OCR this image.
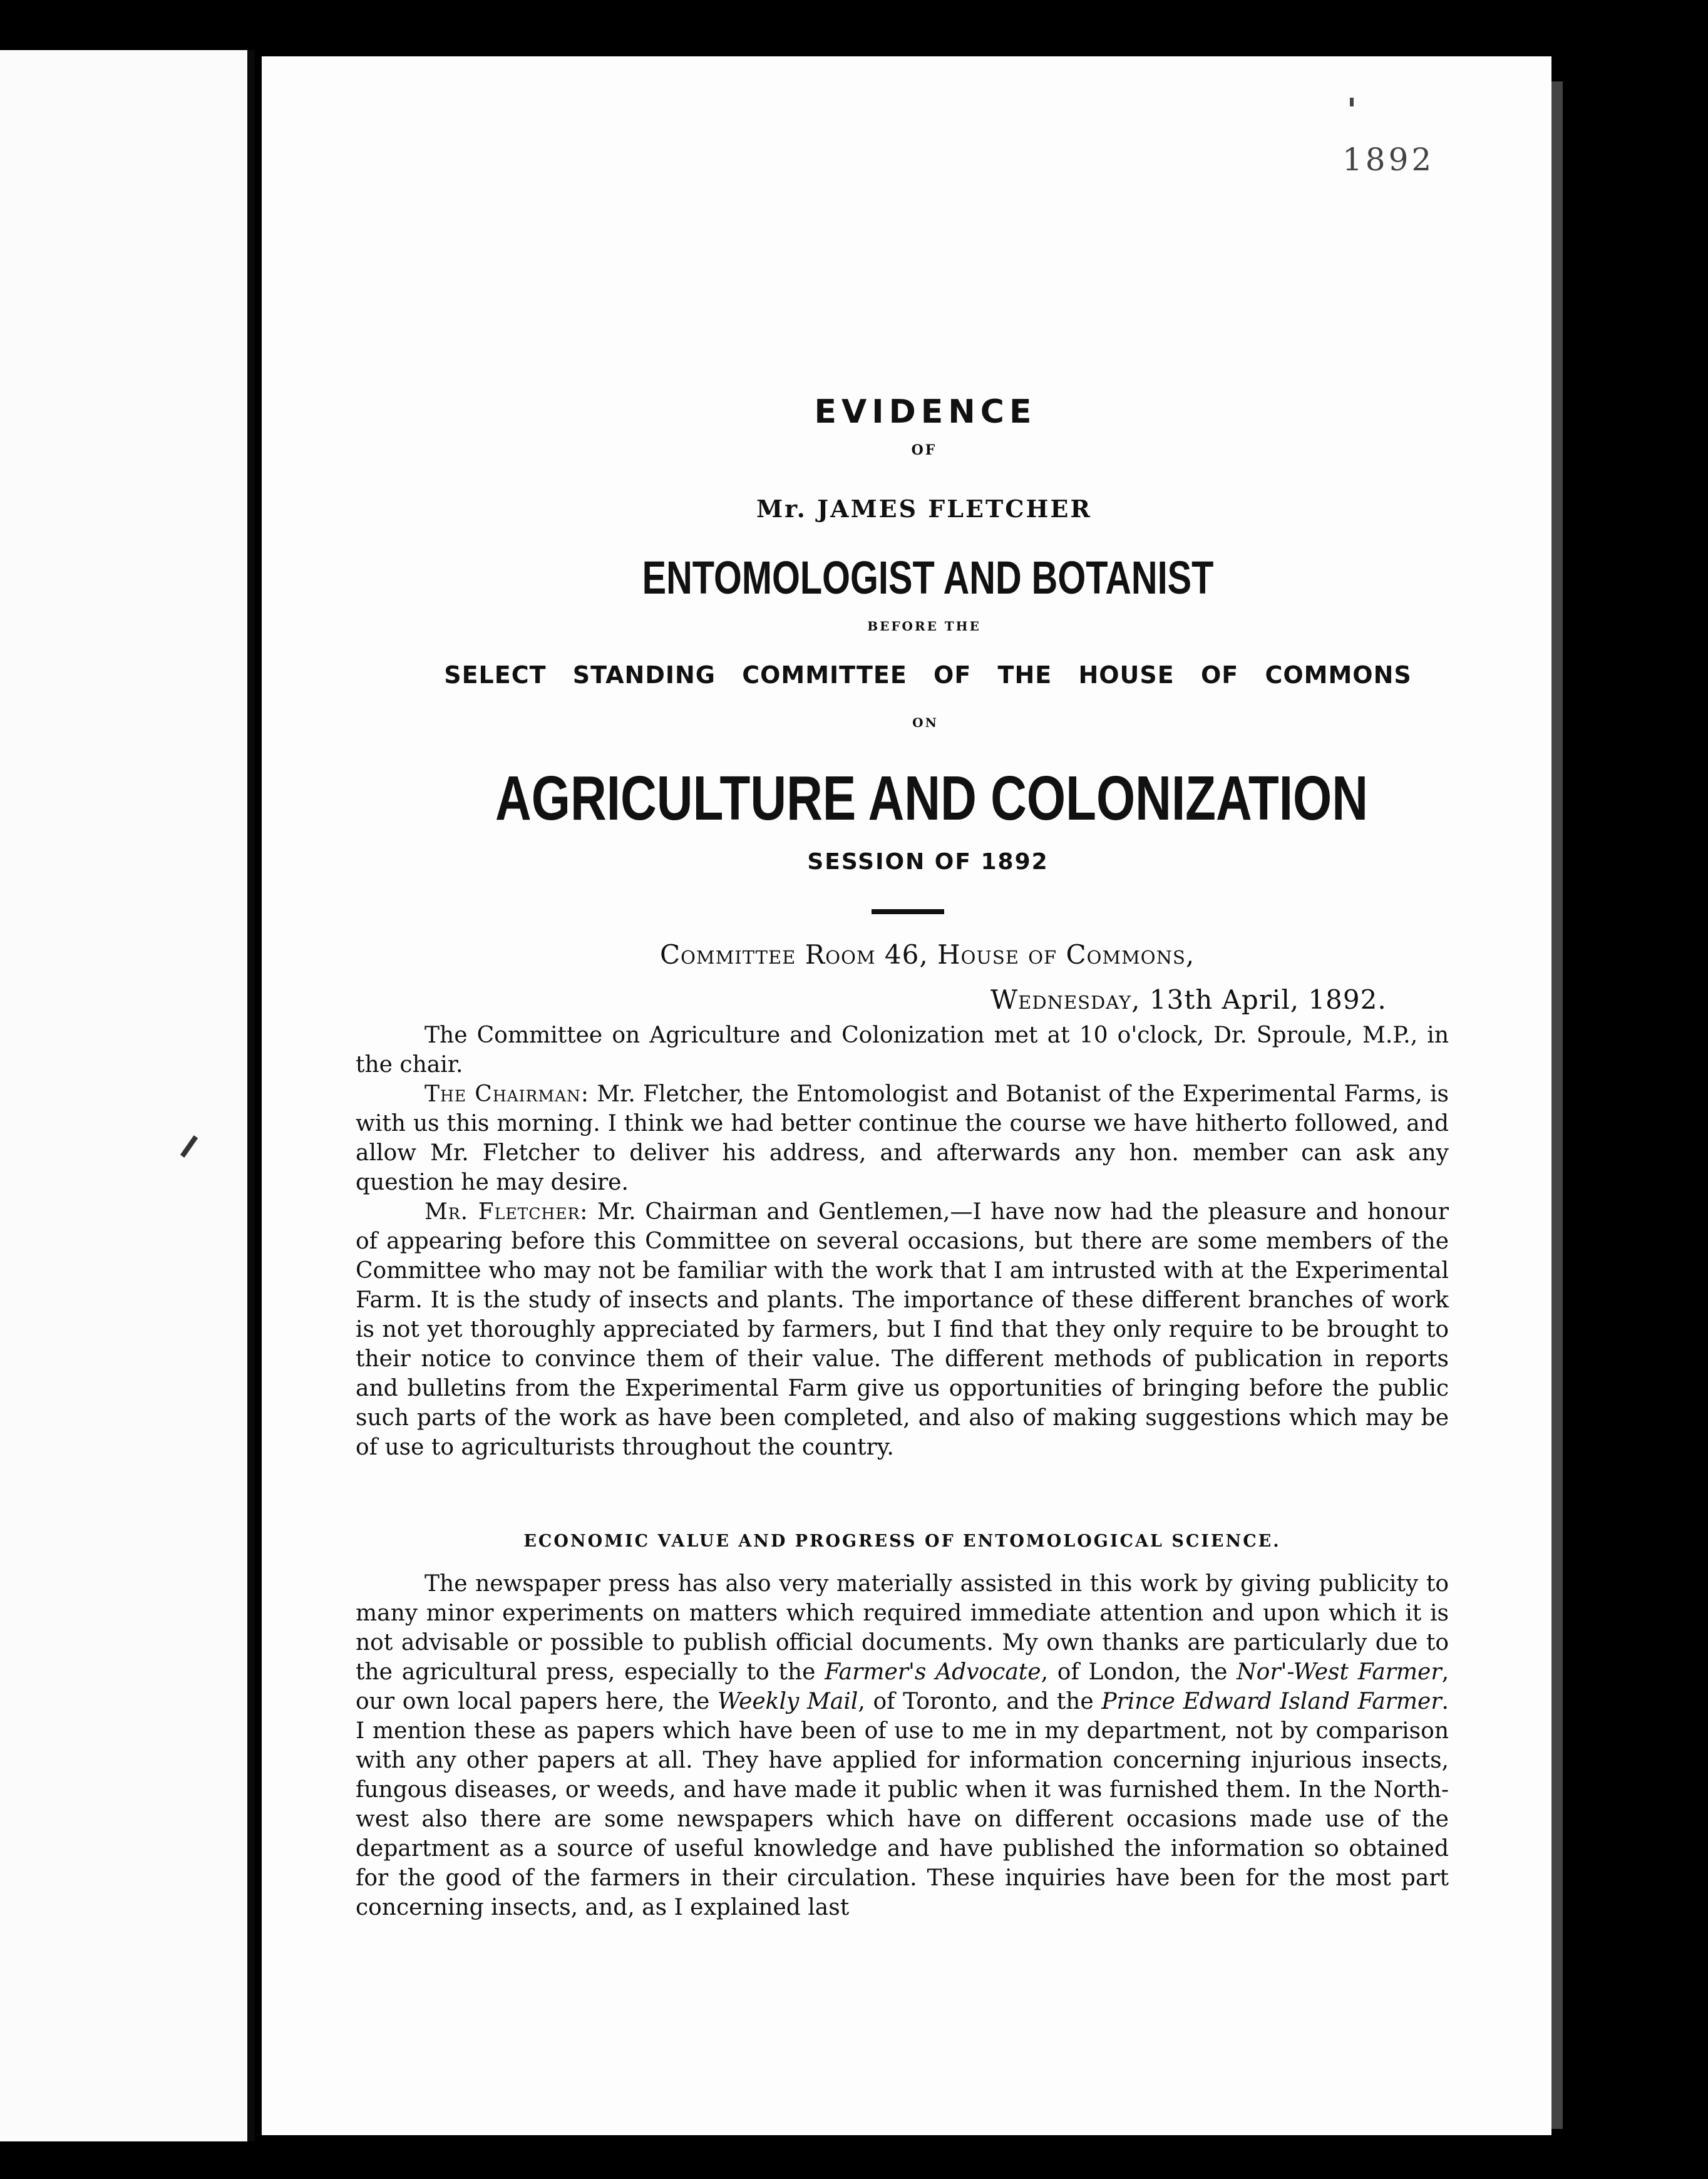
1892
EVIDENCE
OF
Mr. JAMES FLETCHER
ENTOMOLOGIST AND BOTANIST
BEFORE THE
SELECT STANDING COMMITTEE OF THE HOUSE OF COMMONS
ON
AGRICULTURE AND COLONIZATION
SESSION OF 1892
Committee Room 46, House of Commons,
Wednesday, 13th April, 1892.

The Committee on Agriculture and Colonization met at 10 o'clock, Dr. Sproule, M.P., in the chair.

The Chairman: Mr. Fletcher, the Entomologist and Botanist of the Experimental Farms, is with us this morning. I think we had better continue the course we have hitherto followed, and allow Mr. Fletcher to deliver his address, and afterwards any hon. member can ask any question he may desire.

Mr. Fletcher: Mr. Chairman and Gentlemen,—I have now had the pleasure and honour of appearing before this Committee on several occasions, but there are some members of the Committee who may not be familiar with the work that I am intrusted with at the Experimental Farm. It is the study of insects and plants. The importance of these different branches of work is not yet thoroughly appreciated by farmers, but I find that they only require to be brought to their notice to convince them of their value. The different methods of publication in reports and bulletins from the Experimental Farm give us opportunities of bringing before the public such parts of the work as have been completed, and also of making suggestions which may be of use to agriculturists throughout the country.

ECONOMIC VALUE AND PROGRESS OF ENTOMOLOGICAL SCIENCE.

The newspaper press has also very materially assisted in this work by giving publicity to many minor experiments on matters which required immediate attention and upon which it is not advisable or possible to publish official documents. My own thanks are particularly due to the agricultural press, especially to the Farmer's Advocate, of London, the Nor'-West Farmer, our own local papers here, the Weekly Mail, of Toronto, and the Prince Edward Island Farmer. I mention these as papers which have been of use to me in my department, not by comparison with any other papers at all. They have applied for information concerning injurious insects, fungous diseases, or weeds, and have made it public when it was furnished them. In the North-west also there are some newspapers which have on different occasions made use of the department as a source of useful knowledge and have published the information so obtained for the good of the farmers in their circulation. These inquiries have been for the most part concerning insects, and, as I explained last
